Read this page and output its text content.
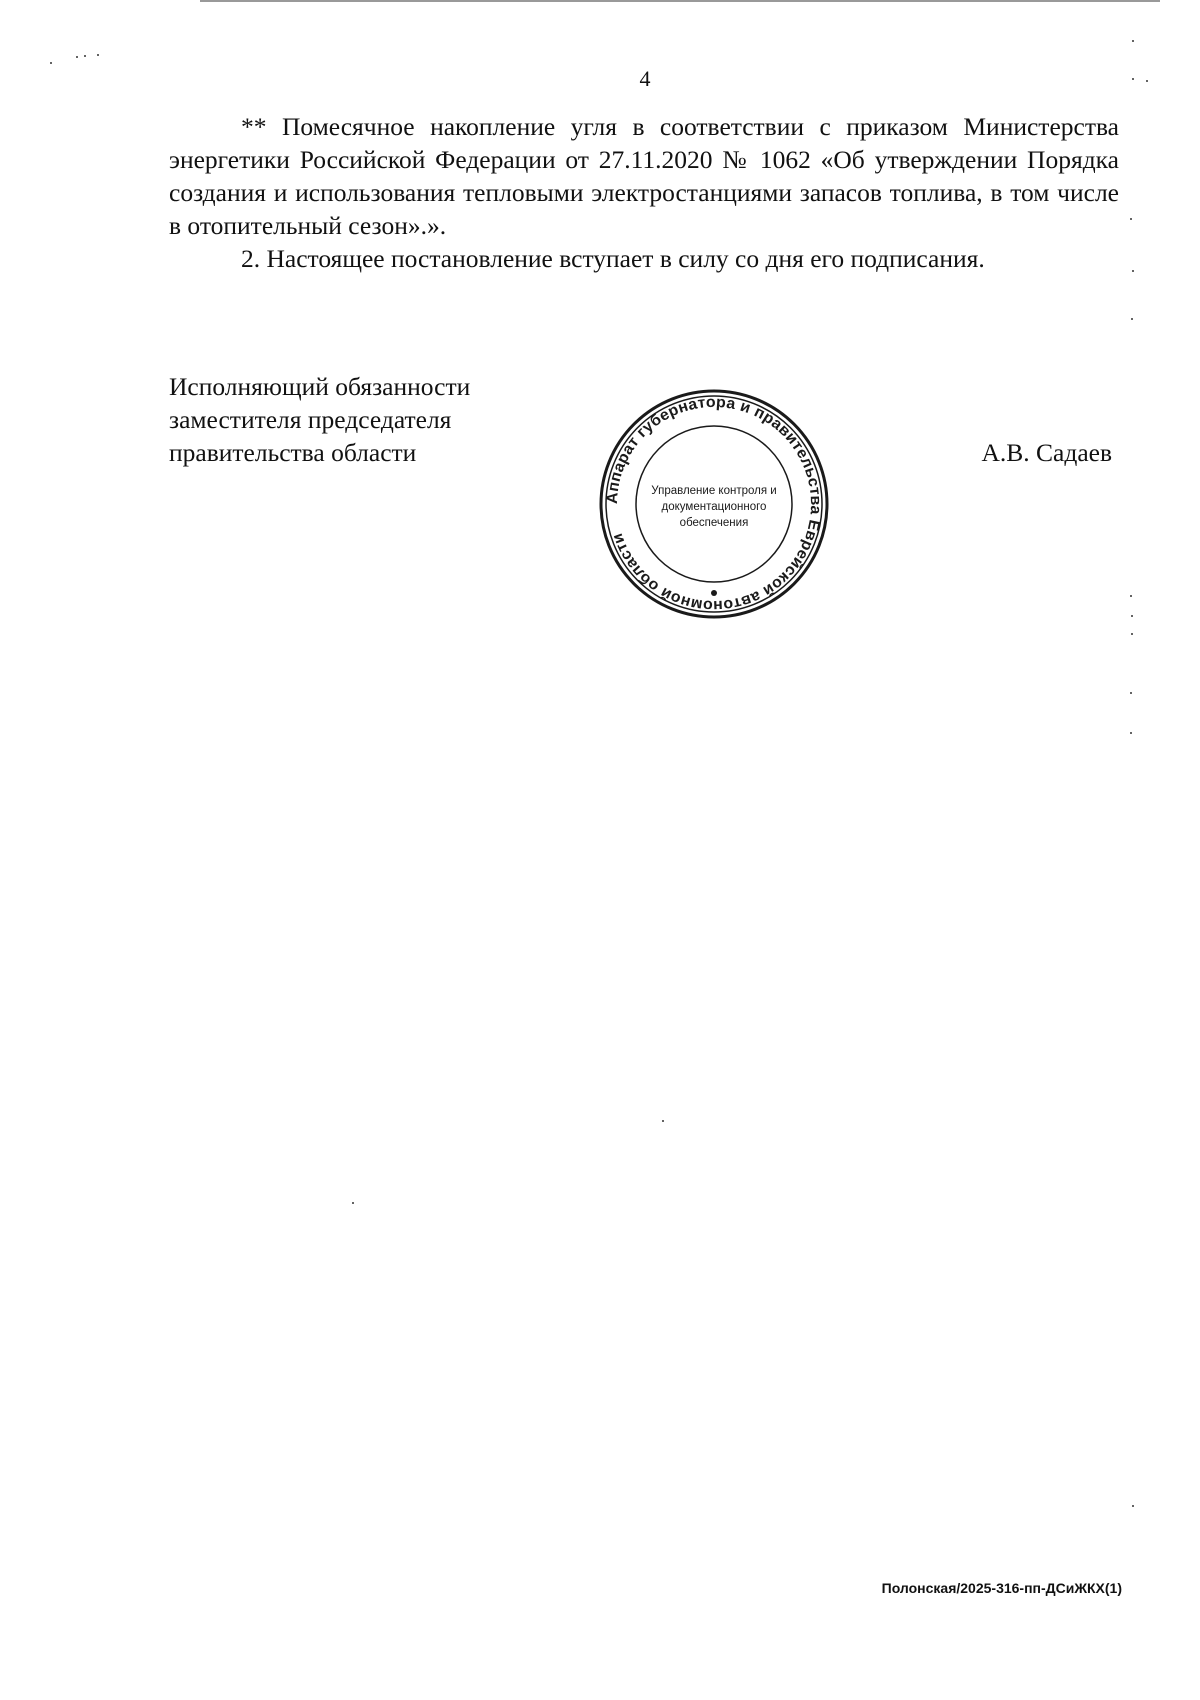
4

** Помесячное накопление угля в соответствии с приказом Министерства энергетики Российской Федерации от 27.11.2020 № 1062 «Об утверждении Порядка создания и использования тепловыми электростанциями запасов топлива, в том числе в отопительный сезон».».

2. Настоящее постановление вступает в силу со дня его подписания.

Исполняющий обязанности
заместителя председателя
правительства области	А.В. Садаев
Аппарат губернатора и правительства Еврейской автономной области
Управление контроля и
документационного
обеспечения
Полонская/2025-316-пп-ДСиЖКХ(1)
